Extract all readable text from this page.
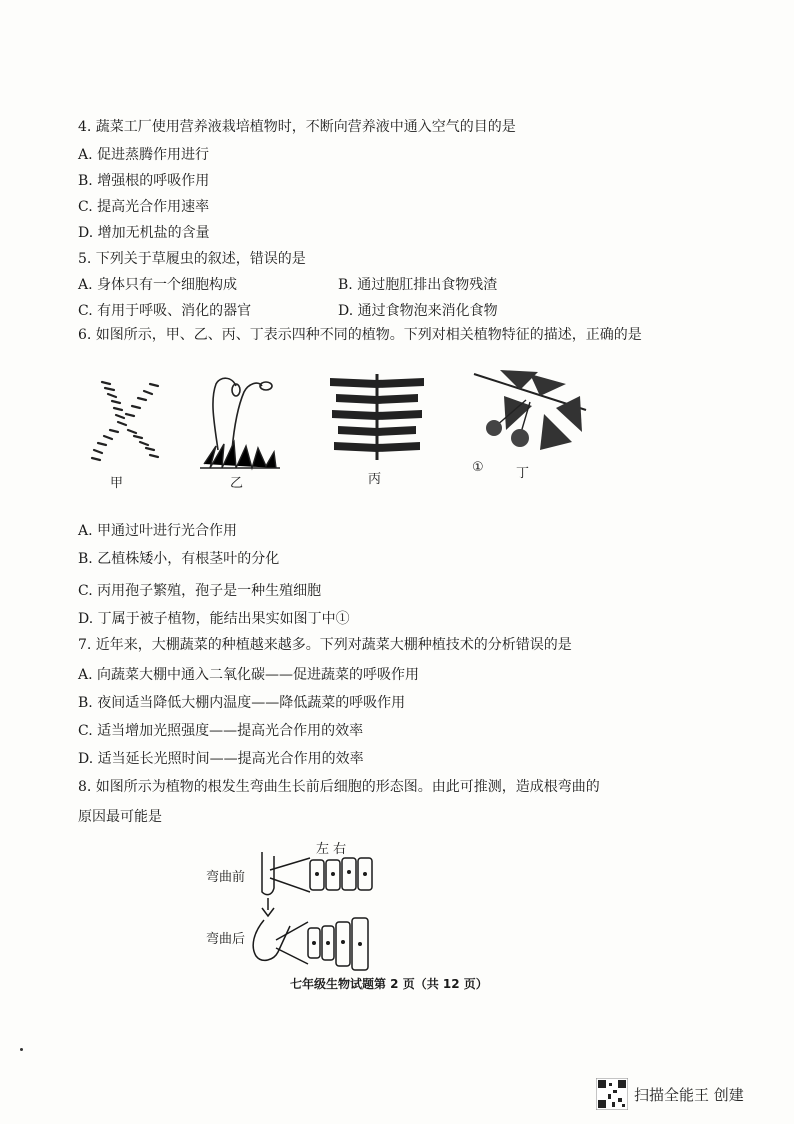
4. 蔬菜工厂使用营养液栽培植物时，不断向营养液中通入空气的目的是
A. 促进蒸腾作用进行
B. 增强根的呼吸作用
C. 提高光合作用速率
D. 增加无机盐的含量
5. 下列关于草履虫的叙述，错误的是
A. 身体只有一个细胞构成	B. 通过胞肛排出食物残渣
C. 有用于呼吸、消化的器官	D. 通过食物泡来消化食物
6. 如图所示，甲、乙、丙、丁表示四种不同的植物。下列对相关植物特征的描述，正确的是
甲	乙	丙
① 丁
A. 甲通过叶进行光合作用
B. 乙植株矮小，有根茎叶的分化
C. 丙用孢子繁殖，孢子是一种生殖细胞
D. 丁属于被子植物，能结出果实如图丁中①
7. 近年来，大棚蔬菜的种植越来越多。下列对蔬菜大棚种植技术的分析错误的是
A. 向蔬菜大棚中通入二氧化碳——促进蔬菜的呼吸作用
B. 夜间适当降低大棚内温度——降低蔬菜的呼吸作用
C. 适当增加光照强度——提高光合作用的效率
D. 适当延长光照时间——提高光合作用的效率
8. 如图所示为植物的根发生弯曲生长前后细胞的形态图。由此可推测，造成根弯曲的
原因最可能是
左 右
弯曲前
弯曲后
七年级生物试题第 2 页（共 12 页）
扫描全能王 创建
